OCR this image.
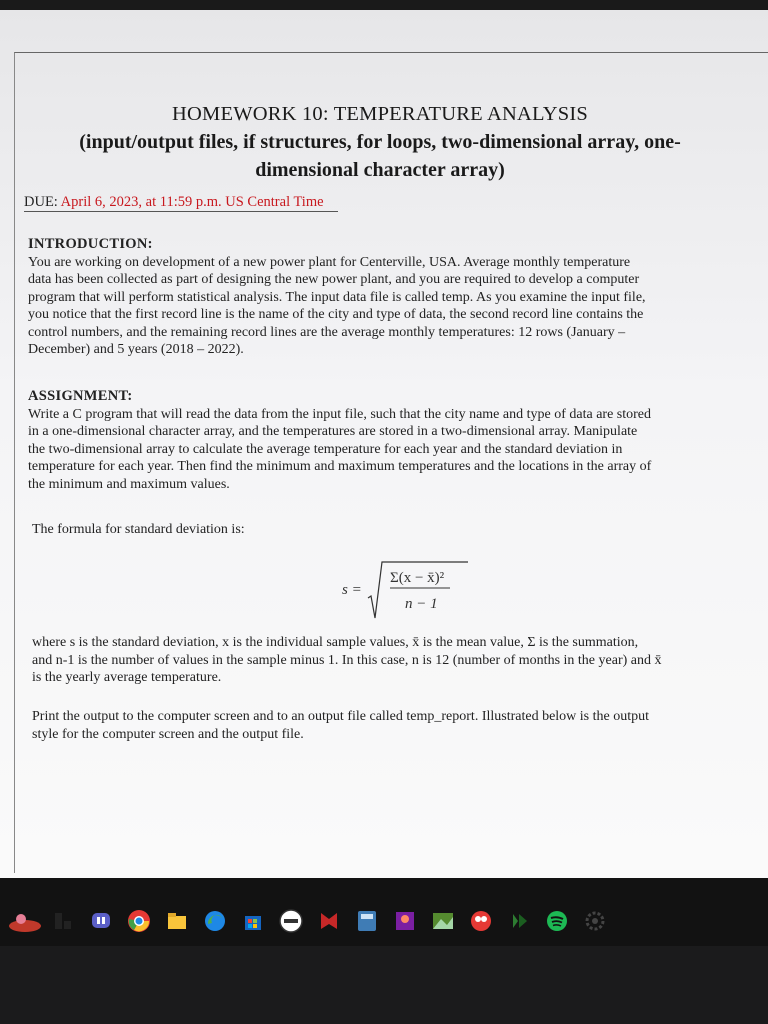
HOMEWORK 10: TEMPERATURE ANALYSIS

(input/output files, if structures, for loops, two-dimensional array, one-

dimensional character array)

DUE: April 6, 2023, at 11:59 p.m. US Central Time
INTRODUCTION:

You are working on development of a new power plant for Centerville, USA. Average monthly temperature

data has been collected as part of designing the new power plant, and you are required to develop a computer

program that will perform statistical analysis. The input data file is called temp. As you examine the input file,

you notice that the first record line is the name of the city and type of data, the second record line contains the

control numbers, and the remaining record lines are the average monthly temperatures: 12 rows (January –

December) and 5 years (2018 – 2022).

ASSIGNMENT:

Write a C program that will read the data from the input file, such that the city name and type of data are stored

in a one-dimensional character array, and the temperatures are stored in a two-dimensional array. Manipulate

the two-dimensional array to calculate the average temperature for each year and the standard deviation in

temperature for each year. Then find the minimum and maximum temperatures and the locations in the array of

the minimum and maximum values.

The formula for standard deviation is:
s =
Σ(x − x̄)²
n − 1

where s is the standard deviation, x is the individual sample values, x̄ is the mean value, Σ is the summation,

and n-1 is the number of values in the sample minus 1. In this case, n is 12 (number of months in the year) and x̄

is the yearly average temperature.

Print the output to the computer screen and to an output file called temp_report. Illustrated below is the output

style for the computer screen and the output file.
